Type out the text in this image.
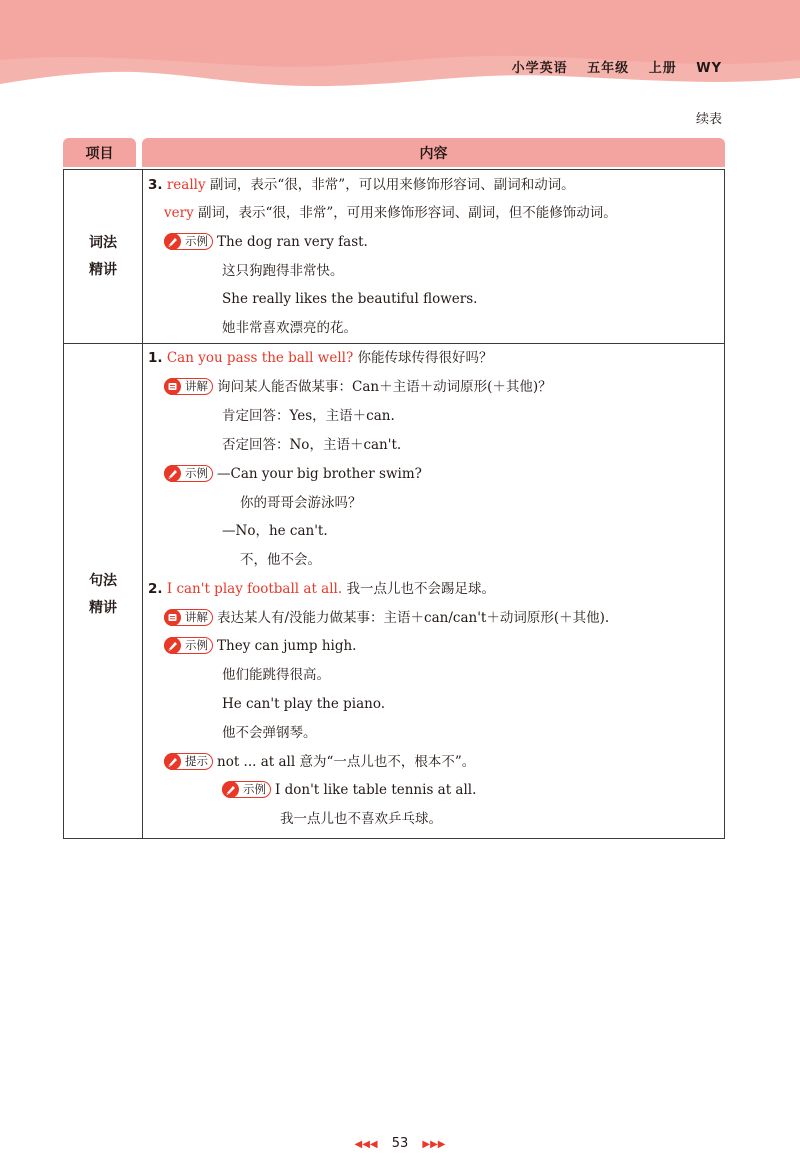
小学英语 五年级 上册 WY
续表
项目	内容
词法
精讲
句法
精讲
3. really 副词，表示“很，非常”，可以用来修饰形容词、副词和动词。
very 副词，表示“很，非常”，可用来修饰形容词、副词，但不能修饰动词。
示例 The dog ran very fast.
这只狗跑得非常快。
She really likes the beautiful flowers.
她非常喜欢漂亮的花。
1. Can you pass the ball well? 你能传球传得很好吗？
讲解 询问某人能否做某事：Can＋主语＋动词原形(＋其他)？
肯定回答：Yes，主语＋can.
否定回答：No，主语＋can't.
示例 —Can your big brother swim?
你的哥哥会游泳吗？
—No，he can't.
不，他不会。
2. I can't play football at all. 我一点儿也不会踢足球。
讲解 表达某人有/没能力做某事：主语＋can/can't＋动词原形(＋其他).
示例 They can jump high.
他们能跳得很高。
He can't play the piano.
他不会弹钢琴。
提示 not ... at all 意为“一点儿也不，根本不”。
示例 I don't like table tennis at all.
我一点儿也不喜欢乒乓球。
◀◀◀ 53 ▶▶▶
